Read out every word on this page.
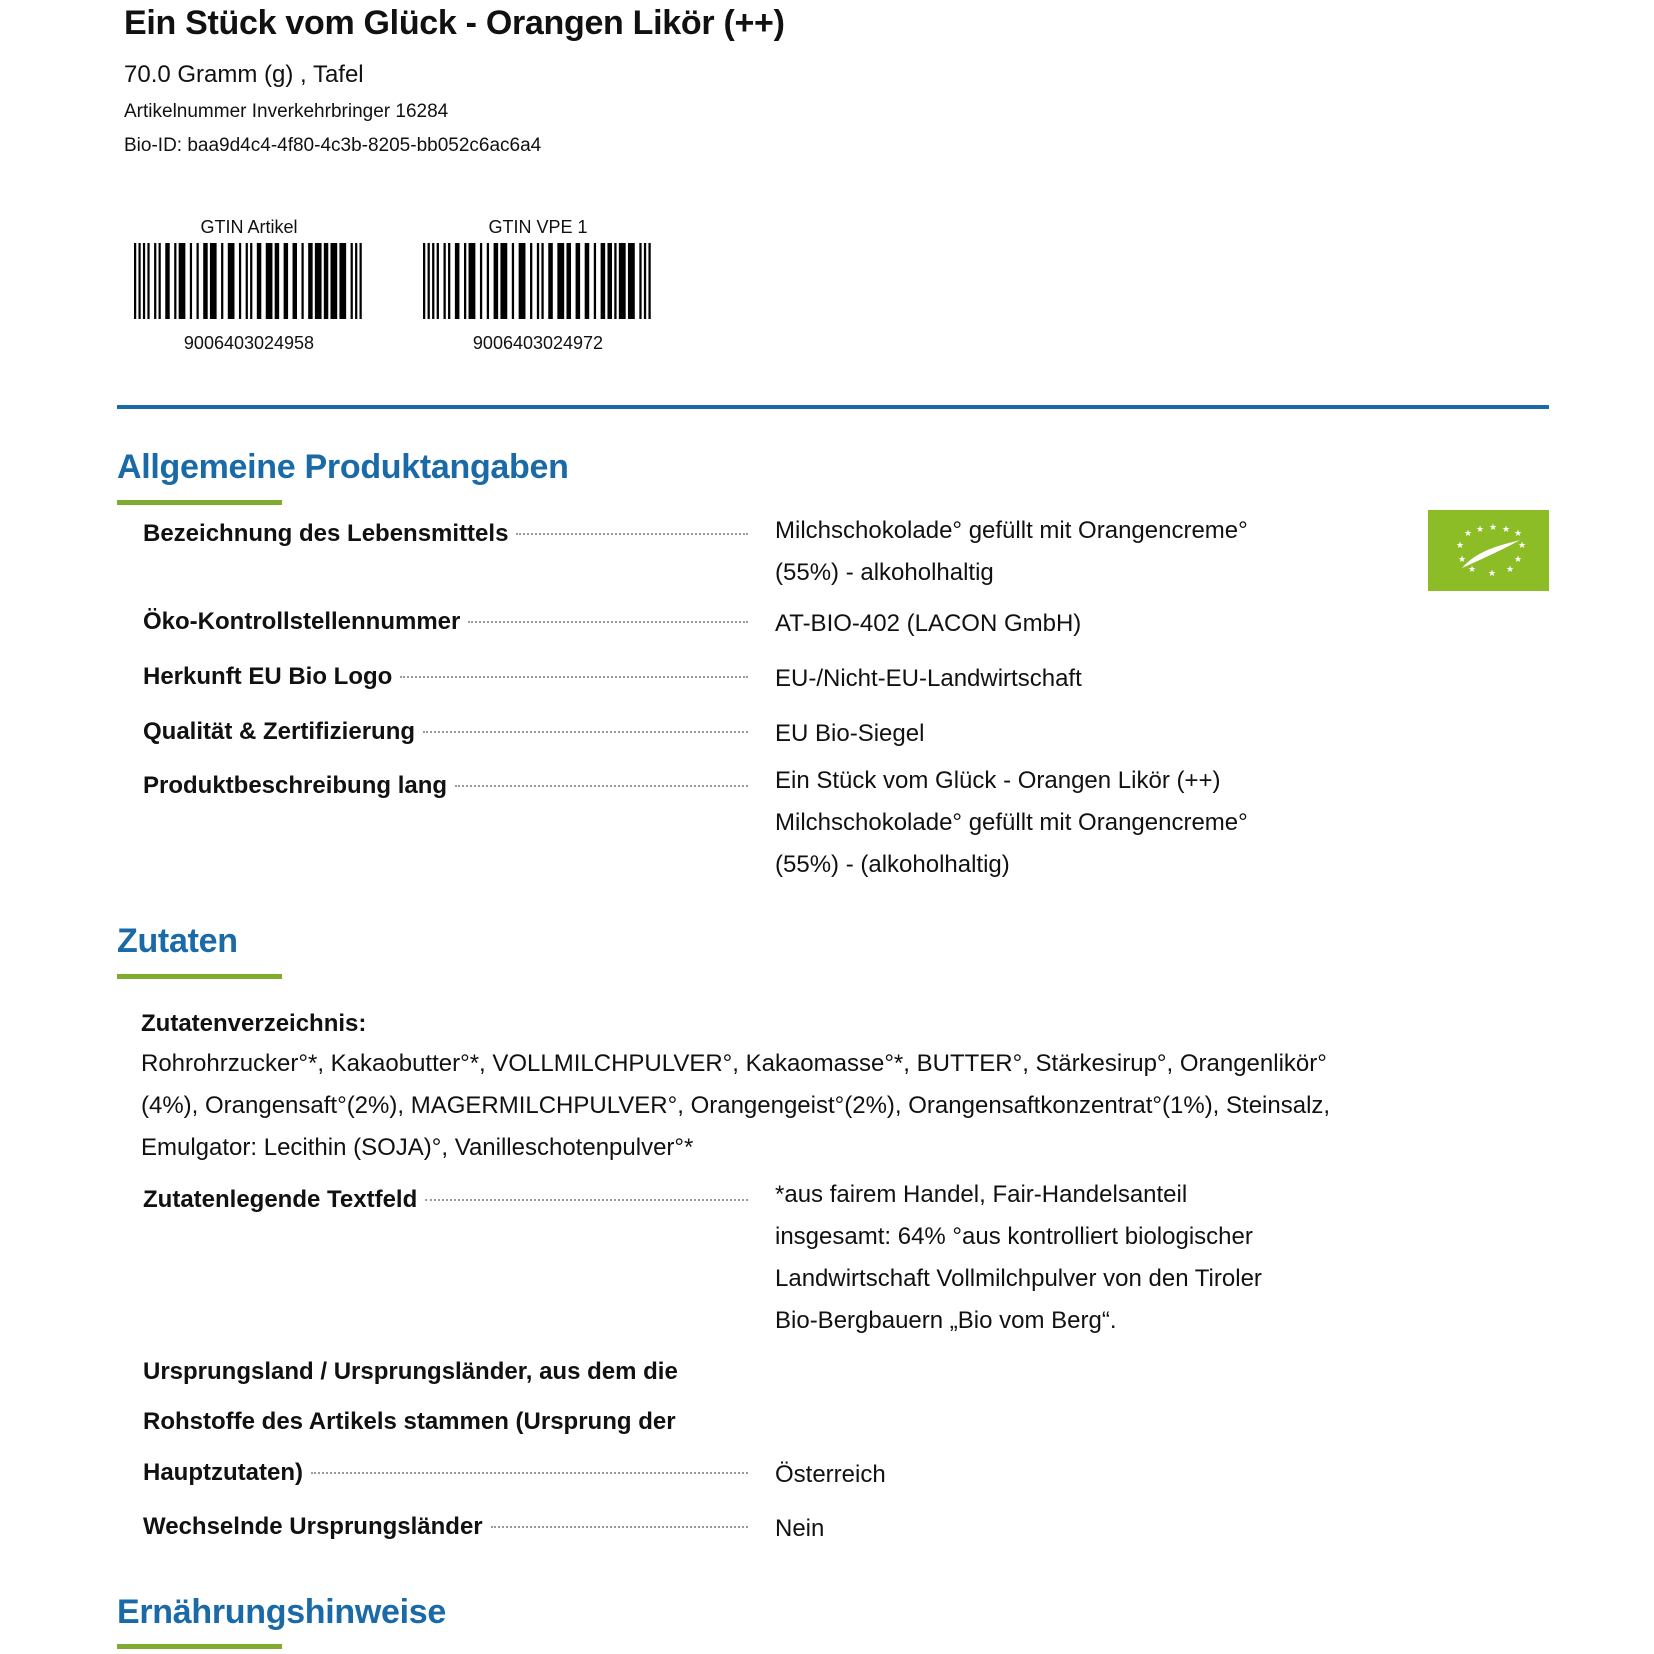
Ein Stück vom Glück - Orangen Likör (++)
70.0 Gramm (g) , Tafel
Artikelnummer Inverkehrbringer 16284
Bio-ID: baa9d4c4-4f80-4c3b-8205-bb052c6ac6a4
GTIN Artikel
9006403024958
GTIN VPE 1
9006403024972
Allgemeine Produktangaben
★ ★ ★ ★ ★
★	★
★	★
★ ★ ★
Bezeichnung des Lebensmittels	Milchschokolade° gefüllt mit Orangencreme°
(55%) - alkoholhaltig
Öko-Kontrollstellennummer	AT-BIO-402 (LACON GmbH)
Herkunft EU Bio Logo	EU-/Nicht-EU-Landwirtschaft
Qualität & Zertifizierung	EU Bio-Siegel
Produktbeschreibung lang	Ein Stück vom Glück - Orangen Likör (++)
Milchschokolade° gefüllt mit Orangencreme°
(55%) - (alkoholhaltig)
Zutaten
Zutatenverzeichnis:
Rohrohrzucker°*, Kakaobutter°*, VOLLMILCHPULVER°, Kakaomasse°*, BUTTER°, Stärkesirup°, Orangenlikör°
(4%), Orangensaft°(2%), MAGERMILCHPULVER°, Orangengeist°(2%), Orangensaftkonzentrat°(1%), Steinsalz,
Emulgator: Lecithin (SOJA)°, Vanilleschotenpulver°*
Zutatenlegende Textfeld	*aus fairem Handel, Fair-Handelsanteil
insgesamt: 64% °aus kontrolliert biologischer
Landwirtschaft Vollmilchpulver von den Tiroler
Bio-Bergbauern „Bio vom Berg“.
Ursprungsland / Ursprungsländer, aus dem die
Rohstoffe des Artikels stammen (Ursprung der
Hauptzutaten)	Österreich
Wechselnde Ursprungsländer	Nein
Ernährungshinweise
